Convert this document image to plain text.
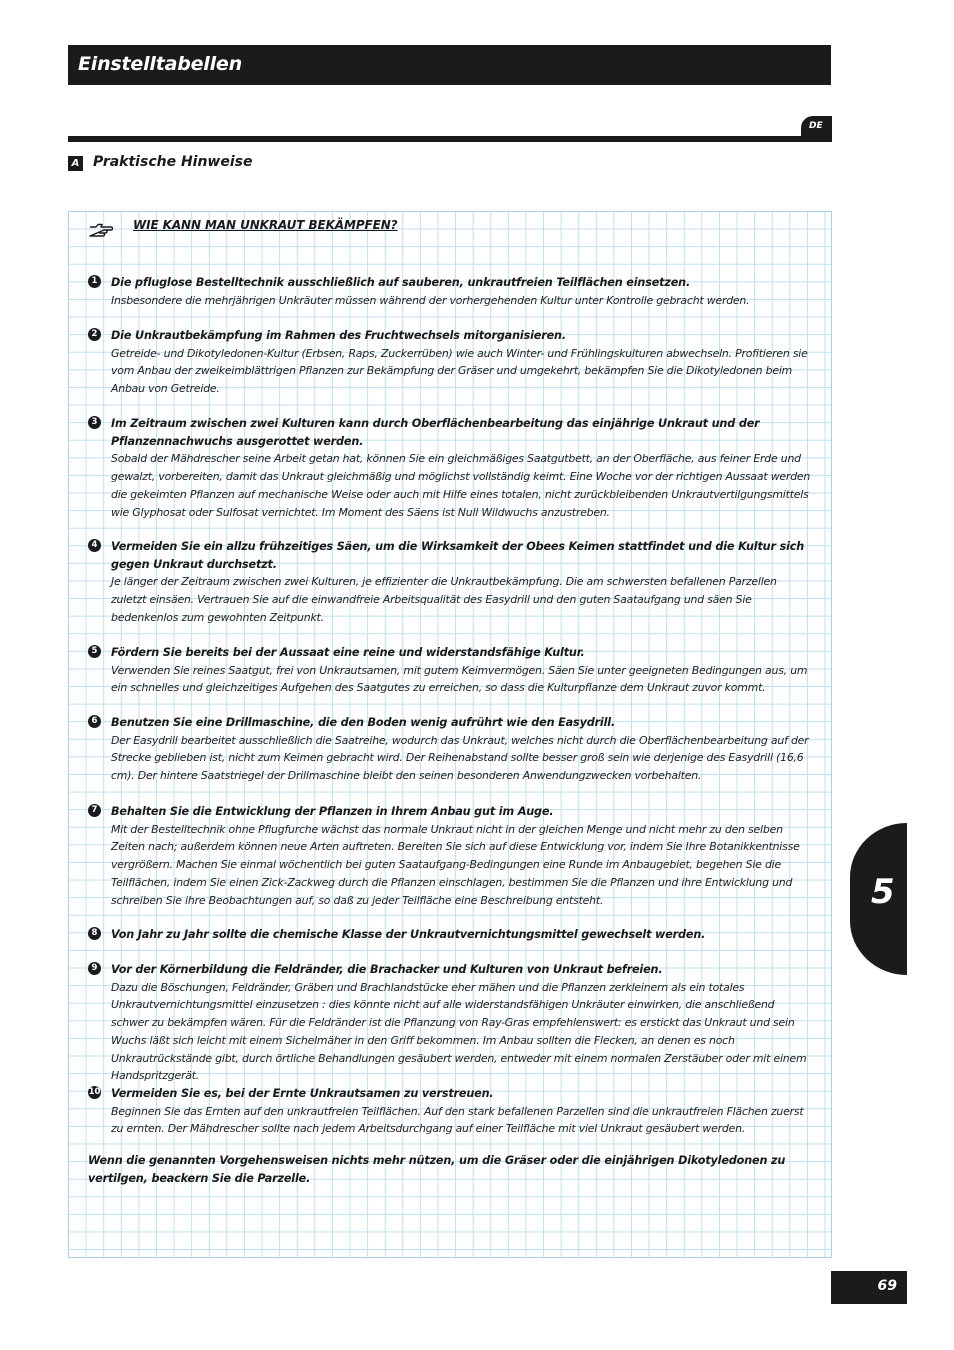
Einstelltabellen
DE
A Praktische Hinweise
WIE KANN MAN UNKRAUT BEKÄMPFEN?
1	Die pfluglose Bestelltechnik ausschließlich auf sauberen, unkrautfreien Teilflächen einsetzen.
Insbesondere die mehrjährigen Unkräuter müssen während der vorhergehenden Kultur unter Kontrolle gebracht werden.
2	Die Unkrautbekämpfung im Rahmen des Fruchtwechsels mitorganisieren.
Getreide- und Dikotyledonen-Kultur (Erbsen, Raps, Zuckerrüben) wie auch Winter- und Frühlingskulturen abwechseln. Profitieren sie vom Anbau der zweikeimblättrigen Pflanzen zur Bekämpfung der Gräser und umgekehrt, bekämpfen Sie die Dikotyledonen beim Anbau von Getreide.
3	Im Zeitraum zwischen zwei Kulturen kann durch Oberflächenbearbeitung das einjährige Unkraut und der Pflanzennachwuchs ausgerottet werden.
Sobald der Mähdrescher seine Arbeit getan hat, können Sie ein gleichmäßiges Saatgutbett, an der Oberfläche, aus feiner Erde und gewalzt, vorbereiten, damit das Unkraut gleichmäßig und möglichst vollständig keimt. Eine Woche vor der richtigen Aussaat werden die gekeimten Pflanzen auf mechanische Weise oder auch mit Hilfe eines totalen, nicht zurückbleibenden Unkrautvertilgungsmittels wie Glyphosat oder Sulfosat vernichtet. Im Moment des Säens ist Null Wildwuchs anzustreben.
4	Vermeiden Sie ein allzu frühzeitiges Säen, um die Wirksamkeit der Obees Keimen stattfindet und die Kultur sich gegen Unkraut durchsetzt.
Je länger der Zeitraum zwischen zwei Kulturen, je effizienter die Unkrautbekämpfung. Die am schwersten befallenen Parzellen zuletzt einsäen. Vertrauen Sie auf die einwandfreie Arbeitsqualität des Easydrill und den guten Saataufgang und säen Sie bedenkenlos zum gewohnten Zeitpunkt.
5	Fördern Sie bereits bei der Aussaat eine reine und widerstandsfähige Kultur.
Verwenden Sie reines Saatgut, frei von Unkrautsamen, mit gutem Keimvermögen. Säen Sie unter geeigneten Bedingungen aus, um ein schnelles und gleichzeitiges Aufgehen des Saatgutes zu erreichen, so dass die Kulturpflanze dem Unkraut zuvor kommt.
6	Benutzen Sie eine Drillmaschine, die den Boden wenig aufrührt wie den Easydrill.
Der Easydrill bearbeitet ausschließlich die Saatreihe, wodurch das Unkraut, welches nicht durch die Oberflächenbearbeitung auf der Strecke geblieben ist, nicht zum Keimen gebracht wird. Der Reihenabstand sollte besser groß sein wie derjenige des Easydrill (16,6 cm). Der hintere Saatstriegel der Drillmaschine bleibt den seinen besonderen Anwendungzwecken vorbehalten.
7	Behalten Sie die Entwicklung der Pflanzen in Ihrem Anbau gut im Auge.
Mit der Bestelltechnik ohne Pflugfurche wächst das normale Unkraut nicht in der gleichen Menge und nicht mehr zu den selben Zeiten nach; außerdem können neue Arten auftreten. Bereiten Sie sich auf diese Entwicklung vor, indem Sie Ihre Botanikkentnisse vergrößern. Machen Sie einmal wöchentlich bei guten Saataufgang-Bedingungen eine Runde im Anbaugebiet, begehen Sie die Teilflächen, indem Sie einen Zick-Zackweg durch die Pflanzen einschlagen, bestimmen Sie die Pflanzen und ihre Entwicklung und schreiben Sie ihre Beobachtungen auf, so daß zu jeder Teilfläche eine Beschreibung entsteht.
8	Von Jahr zu Jahr sollte die chemische Klasse der Unkrautvernichtungsmittel gewechselt werden.
9	Vor der Körnerbildung die Feldränder, die Brachacker und Kulturen von Unkraut befreien.
Dazu die Böschungen, Feldränder, Gräben und Brachlandstücke eher mähen und die Pflanzen zerkleinern als ein totales Unkrautvernichtungsmittel einzusetzen : dies könnte nicht auf alle widerstandsfähigen Unkräuter einwirken, die anschließend schwer zu bekämpfen wären. Für die Feldränder ist die Pflanzung von Ray-Gras empfehlenswert: es erstickt das Unkraut und sein Wuchs läßt sich leicht mit einem Sichelmäher in den Griff bekommen. Im Anbau sollten die Flecken, an denen es noch Unkrautrückstände gibt, durch örtliche Behandlungen gesäubert werden, entweder mit einem normalen Zerstäuber oder mit einem Handspritzgerät.
10 Vermeiden Sie es, bei der Ernte Unkrautsamen zu verstreuen.
Beginnen Sie das Ernten auf den unkrautfreien Teilflächen. Auf den stark befallenen Parzellen sind die unkrautfreien Flächen zuerst zu ernten. Der Mähdrescher sollte nach jedem Arbeitsdurchgang auf einer Teilfläche mit viel Unkraut gesäubert werden.
Wenn die genannten Vorgehensweisen nichts mehr nützen, um die Gräser oder die einjährigen Dikotyledonen zu vertilgen, beackern Sie die Parzelle.
5
69
